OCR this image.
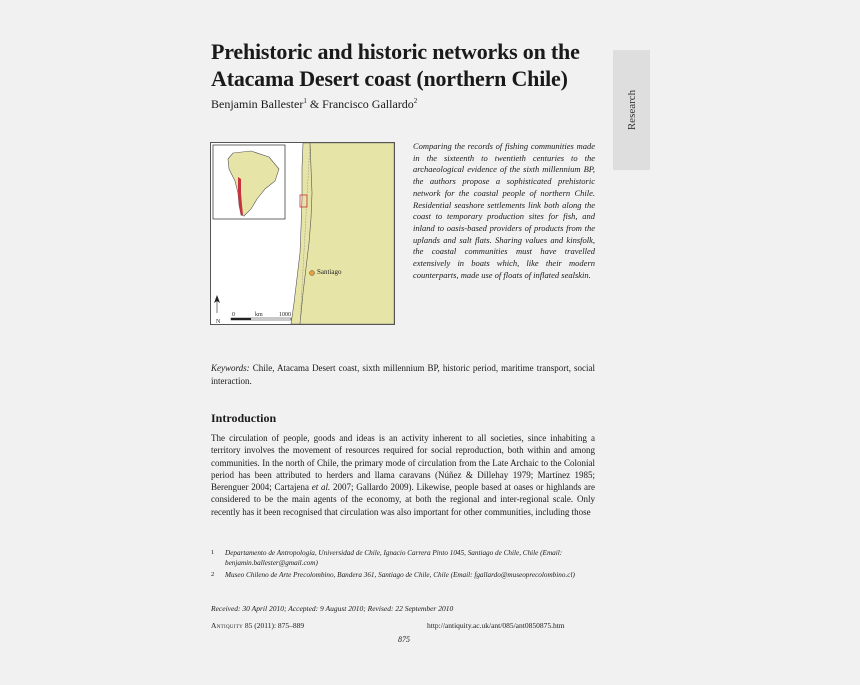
Prehistoric and historic networks on the Atacama Desert coast (northern Chile)
Benjamin Ballester$^1$ & Francisco Gallardo$^2$	Research
Santiago
N
0	km	1000

Comparing the records of fishing communities made in the sixteenth to twentieth centuries to the archaeological evidence of the sixth millennium BP, the authors propose a sophisticated prehistoric network for the coastal people of northern Chile. Residential seashore settlements link both along the coast to temporary production sites for fish, and inland to oasis-based providers of products from the uplands and salt flats. Sharing values and kinsfolk, the coastal communities must have travelled extensively in boats which, like their modern counterparts, made use of floats of inflated sealskin.

Keywords: Chile, Atacama Desert coast, sixth millennium BP, historic period, maritime transport, social interaction.

Introduction

The circulation of people, goods and ideas is an activity inherent to all societies, since inhabiting a territory involves the movement of resources required for social reproduction, both within and among communities. In the north of Chile, the primary mode of circulation from the Late Archaic to the Colonial period has been attributed to herders and llama caravans (Núñez & Dillehay 1979; Martínez 1985; Berenguer 2004; Cartajena et al. 2007; Gallardo 2009). Likewise, people based at oases or highlands are considered to be the main agents of the economy, at both the regional and inter-regional scale. Only recently has it been recognised that circulation was also important for other communities, including those

1 Departamento de Antropología, Universidad de Chile, Ignacio Carrera Pinto 1045, Santiago de Chile, Chile (Email: benjamin.ballester@gmail.com)
2 Museo Chileno de Arte Precolombino, Bandera 361, Santiago de Chile, Chile (Email: fgallardo@museoprecolombino.cl)
Received: 30 April 2010; Accepted: 9 August 2010; Revised: 22 September 2010
Antiquity 85 (2011): 875–889	http://antiquity.ac.uk/ant/085/ant0850875.htm
875
